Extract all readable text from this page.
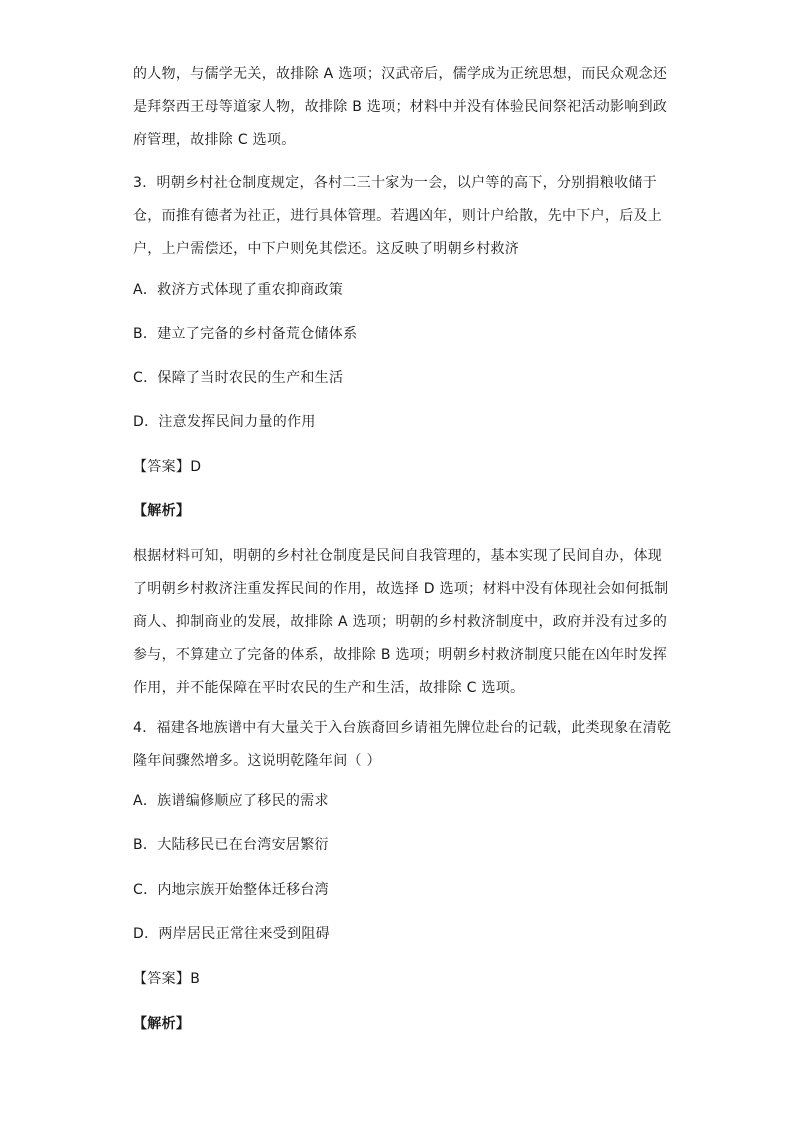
的人物，与儒学无关，故排除 A 选项；汉武帝后，儒学成为正统思想，而民众观念还
是拜祭西王母等道家人物，故排除 B 选项；材料中并没有体验民间祭祀活动影响到政
府管理，故排除 C 选项。
3．明朝乡村社仓制度规定，各村二三十家为一会，以户等的高下，分别捐粮收储于
仓，而推有德者为社正，进行具体管理。若遇凶年，则计户给散，先中下户，后及上
户，上户需偿还，中下户则免其偿还。这反映了明朝乡村救济
A．救济方式体现了重农抑商政策
B．建立了完备的乡村备荒仓储体系
C．保障了当时农民的生产和生活
D．注意发挥民间力量的作用
【答案】D
【解析】
根据材料可知，明朝的乡村社仓制度是民间自我管理的，基本实现了民间自办，体现
了明朝乡村救济注重发挥民间的作用，故选择 D 选项；材料中没有体现社会如何抵制
商人、抑制商业的发展，故排除 A 选项；明朝的乡村救济制度中，政府并没有过多的
参与，不算建立了完备的体系，故排除 B 选项；明朝乡村救济制度只能在凶年时发挥
作用，并不能保障在平时农民的生产和生活，故排除 C 选项。
4．福建各地族谱中有大量关于入台族裔回乡请祖先牌位赴台的记载，此类现象在清乾
隆年间骤然增多。这说明乾隆年间（ ）
A．族谱编修顺应了移民的需求
B．大陆移民已在台湾安居繁衍
C．内地宗族开始整体迁移台湾
D．两岸居民正常往来受到阻碍
【答案】B
【解析】
